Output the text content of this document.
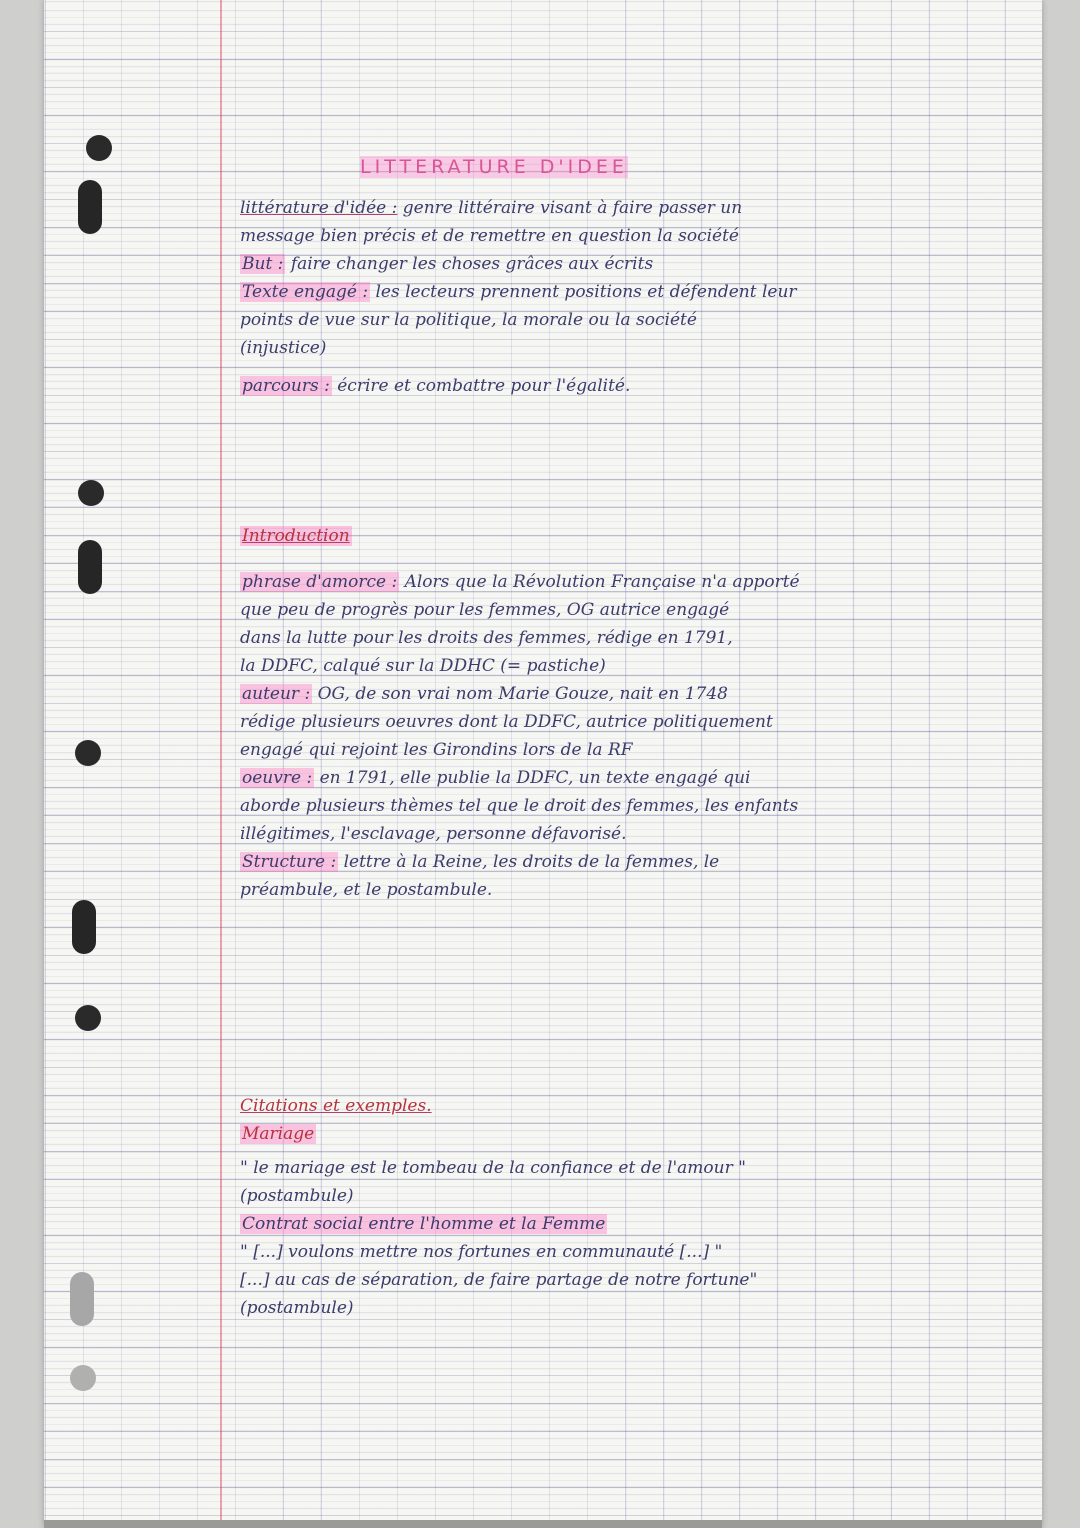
LITTERATURE D'IDEE
littérature d'idée : genre littéraire visant à faire passer un
message bien précis et de remettre en question la société
But : faire changer les choses grâces aux écrits
Texte engagé : les lecteurs prennent positions et défendent leur
points de vue sur la politique, la morale ou la société
(injustice)
parcours : écrire et combattre pour l'égalité.
Introduction
phrase d'amorce : Alors que la Révolution Française n'a apporté
que peu de progrès pour les femmes, OG autrice engagé
dans la lutte pour les droits des femmes, rédige en 1791,
la DDFC, calqué sur la DDHC (= pastiche)
auteur : OG, de son vrai nom Marie Gouze, nait en 1748
rédige plusieurs oeuvres dont la DDFC, autrice politiquement
engagé qui rejoint les Girondins lors de la RF
oeuvre : en 1791, elle publie la DDFC, un texte engagé qui
aborde plusieurs thèmes tel que le droit des femmes, les enfants
illégitimes, l'esclavage, personne défavorisé.
Structure : lettre à la Reine, les droits de la femmes, le
préambule, et le postambule.
Citations et exemples.
Mariage
" le mariage est le tombeau de la confiance et de l'amour "
(postambule)
Contrat social entre l'homme et la Femme
" [...] voulons mettre nos fortunes en communauté [...] "
[...] au cas de séparation, de faire partage de notre fortune"
(postambule)
